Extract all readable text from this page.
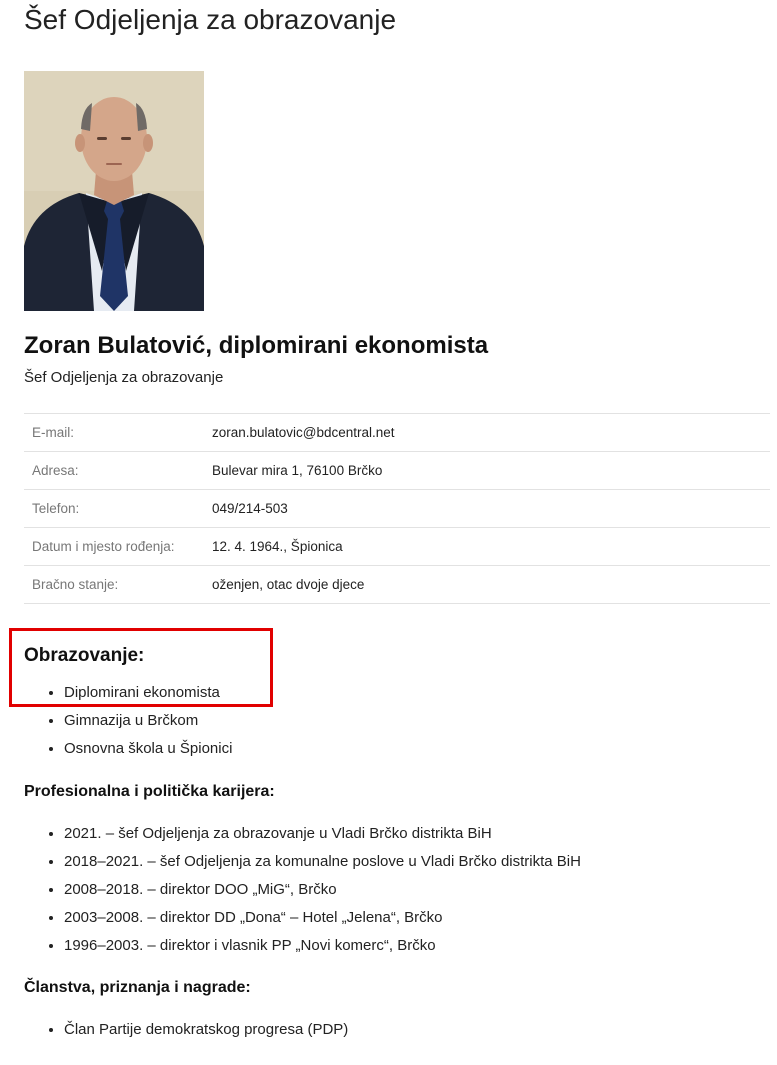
Šef Odjeljenja za obrazovanje
Zoran Bulatović, diplomirani ekonomista
Šef Odjeljenja za obrazovanje
E-mail:	zoran.bulatovic@bdcentral.net
Adresa:	Bulevar mira 1, 76100 Brčko
Telefon:	049/214-503
Datum i mjesto rođenja:	12. 4. 1964., Špionica
Bračno stanje:	oženjen, otac dvoje djece
Obrazovanje:
• Diplomirani ekonomista
• Gimnazija u Brčkom
• Osnovna škola u Špionici
Profesionalna i politička karijera:
• 2021. – šef Odjeljenja za obrazovanje u Vladi Brčko distrikta BiH
• 2018–2021. – šef Odjeljenja za komunalne poslove u Vladi Brčko distrikta BiH
• 2008–2018. – direktor DOO „MiG“, Brčko
• 2003–2008. – direktor DD „Dona“ – Hotel „Jelena“, Brčko
• 1996–2003. – direktor i vlasnik PP „Novi komerc“, Brčko
Članstva, priznanja i nagrade:
• Član Partije demokratskog progresa (PDP)
